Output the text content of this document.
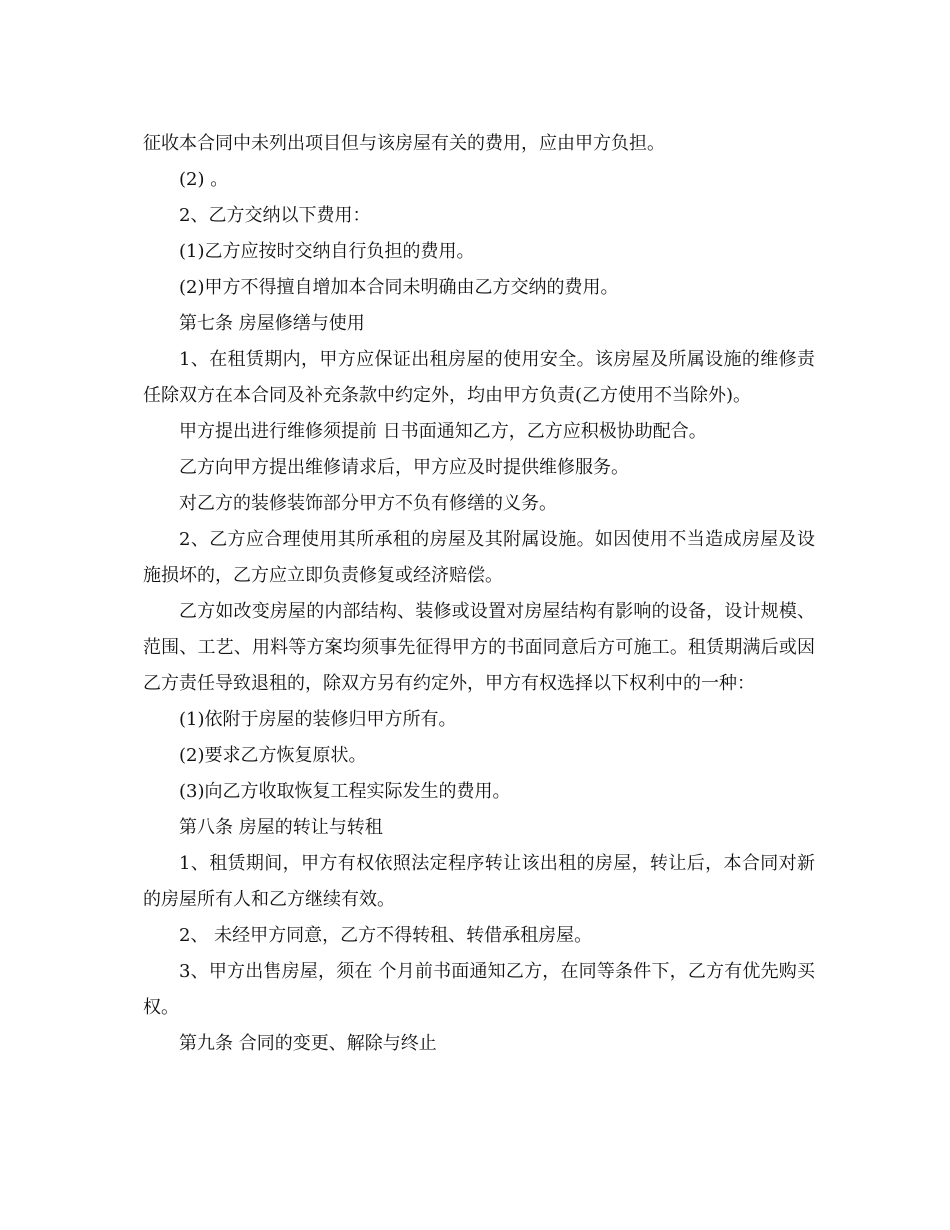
征收本合同中未列出项目但与该房屋有关的费用，应由甲方负担。

(2) 。

2、乙方交纳以下费用：

(1)乙方应按时交纳自行负担的费用。

(2)甲方不得擅自增加本合同未明确由乙方交纳的费用。

第七条 房屋修缮与使用

1、在租赁期内，甲方应保证出租房屋的使用安全。该房屋及所属设施的维修责任除双方在本合同及补充条款中约定外，均由甲方负责(乙方使用不当除外)。

甲方提出进行维修须提前 日书面通知乙方，乙方应积极协助配合。

乙方向甲方提出维修请求后，甲方应及时提供维修服务。

对乙方的装修装饰部分甲方不负有修缮的义务。

2、乙方应合理使用其所承租的房屋及其附属设施。如因使用不当造成房屋及设施损坏的，乙方应立即负责修复或经济赔偿。

乙方如改变房屋的内部结构、装修或设置对房屋结构有影响的设备，设计规模、范围、工艺、用料等方案均须事先征得甲方的书面同意后方可施工。租赁期满后或因乙方责任导致退租的，除双方另有约定外，甲方有权选择以下权利中的一种：

(1)依附于房屋的装修归甲方所有。

(2)要求乙方恢复原状。

(3)向乙方收取恢复工程实际发生的费用。

第八条 房屋的转让与转租

1、租赁期间，甲方有权依照法定程序转让该出租的房屋，转让后，本合同对新的房屋所有人和乙方继续有效。

2、 未经甲方同意，乙方不得转租、转借承租房屋。

3、甲方出售房屋，须在 个月前书面通知乙方，在同等条件下，乙方有优先购买权。

第九条 合同的变更、解除与终止
